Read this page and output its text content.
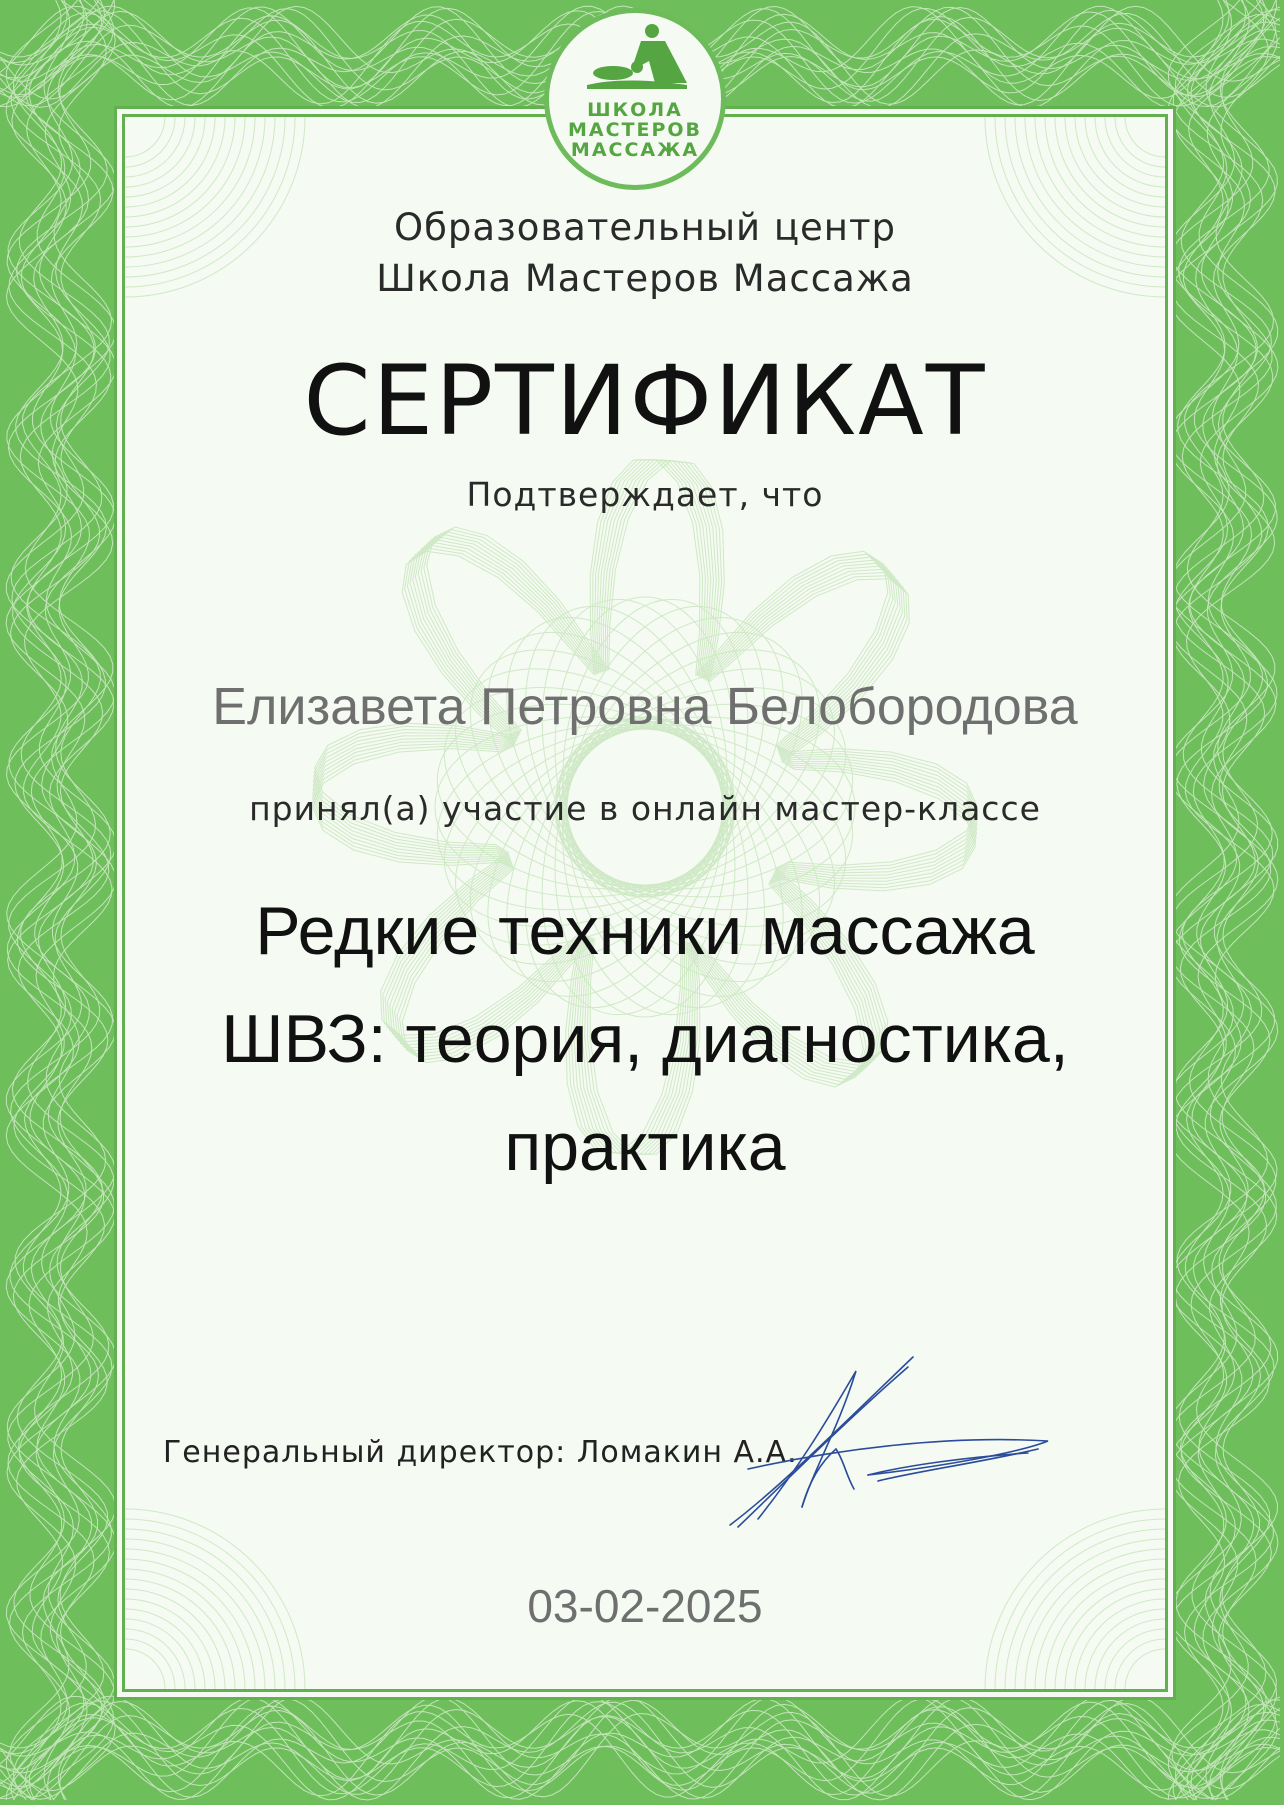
Образовательный центр
Школа Мастеров Массажа
СЕРТИФИКАТ
Подтверждает, что
Елизавета Петровна Белобородова
принял(а) участие в онлайн мастер-классе
Редкие техники массажа ШВЗ: теория, диагностика, практика
Генеральный директор: Ломакин А.А.
03-02-2025
ШКОЛА
МАСТЕРОВ
МАССАЖА
